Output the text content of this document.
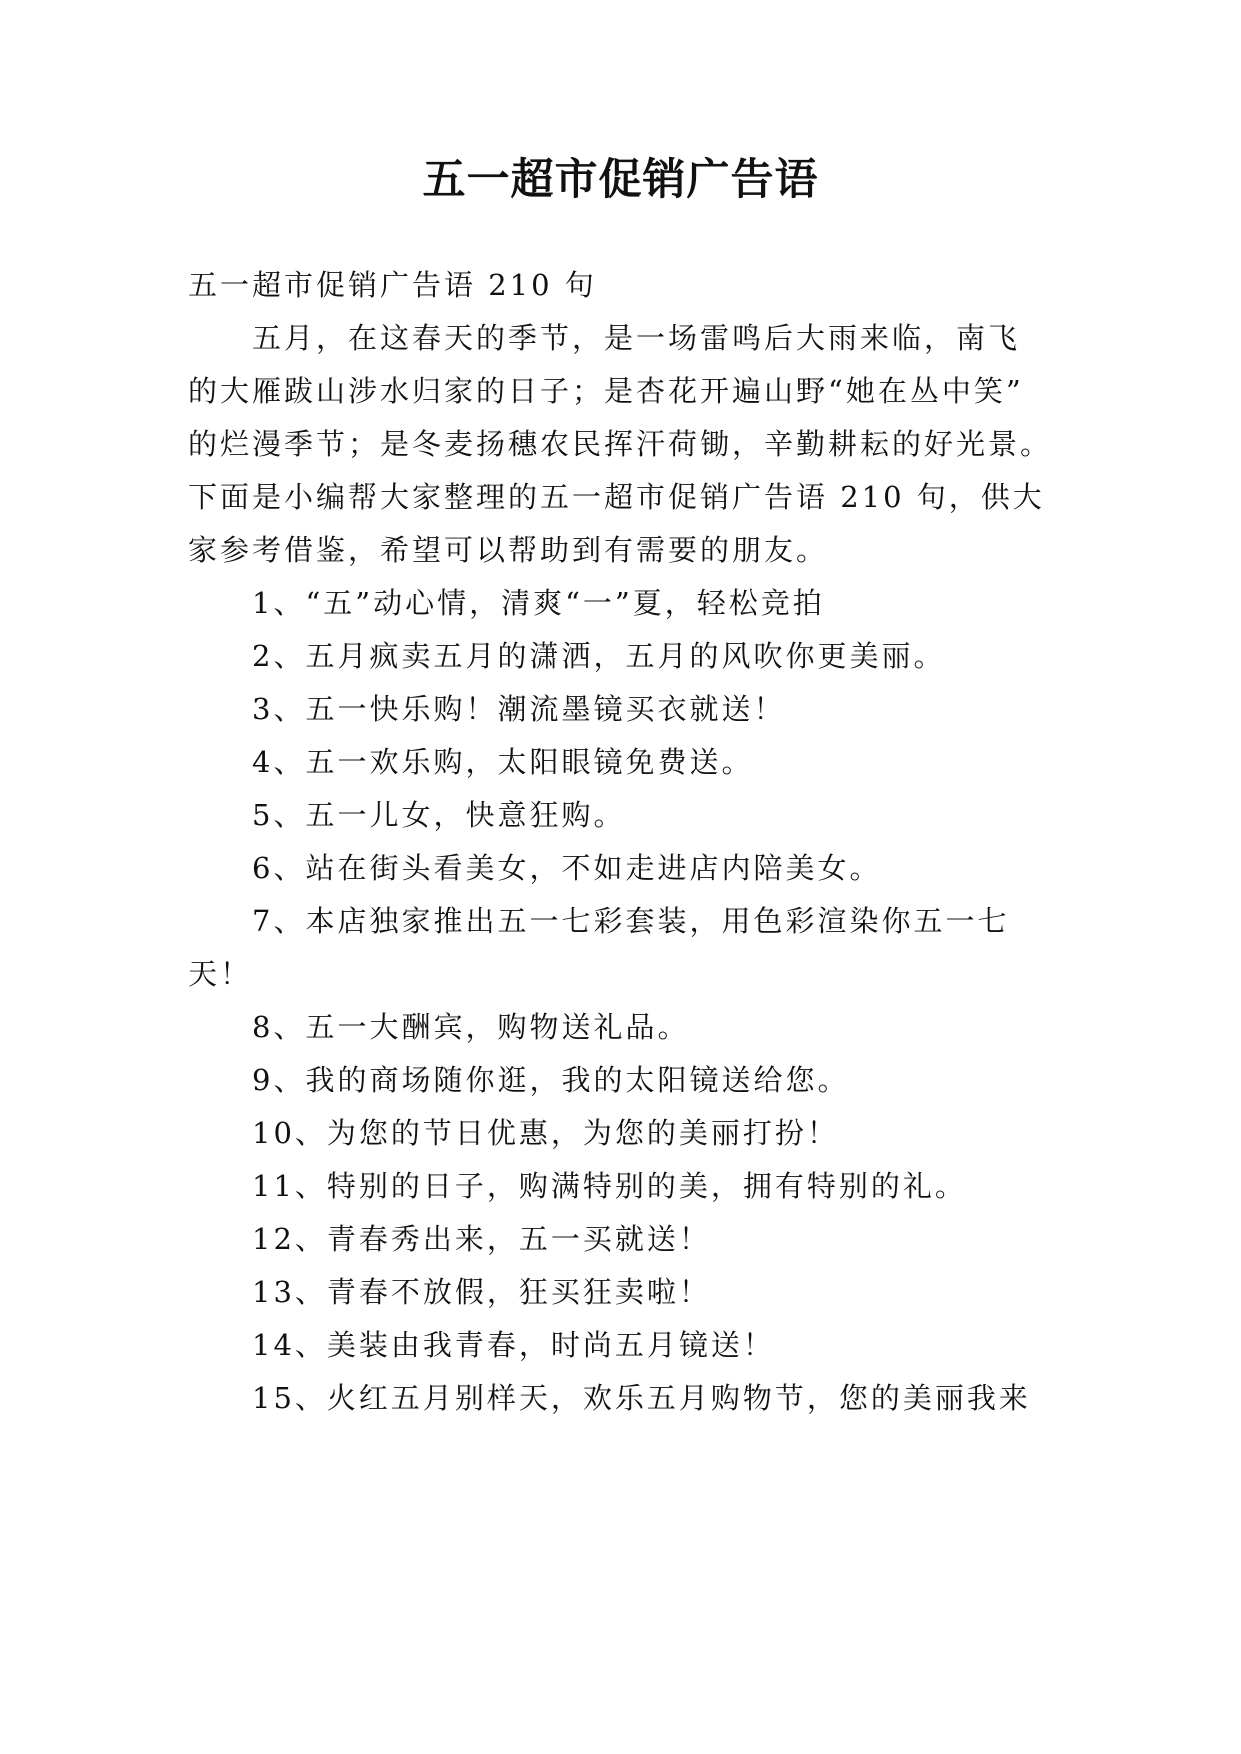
五一超市促销广告语

五一超市促销广告语 210 句

五月，在这春天的季节，是一场雷鸣后大雨来临，南飞

的大雁跋山涉水归家的日子；是杏花开遍山野“她在丛中笑”

的烂漫季节；是冬麦扬穗农民挥汗荷锄，辛勤耕耘的好光景。

下面是小编帮大家整理的五一超市促销广告语 210 句，供大

家参考借鉴，希望可以帮助到有需要的朋友。

1、“五”动心情，清爽“一”夏，轻松竞拍

2、五月疯卖五月的潇洒，五月的风吹你更美丽。

3、五一快乐购！潮流墨镜买衣就送！

4、五一欢乐购，太阳眼镜免费送。

5、五一儿女，快意狂购。

6、站在街头看美女，不如走进店内陪美女。

7、本店独家推出五一七彩套装，用色彩渲染你五一七

天！

8、五一大酬宾，购物送礼品。

9、我的商场随你逛，我的太阳镜送给您。

10、为您的节日优惠，为您的美丽打扮！

11、特别的日子，购满特别的美，拥有特别的礼。

12、青春秀出来，五一买就送！

13、青春不放假，狂买狂卖啦！

14、美装由我青春，时尚五月镜送！

15、火红五月别样天，欢乐五月购物节，您的美丽我来
